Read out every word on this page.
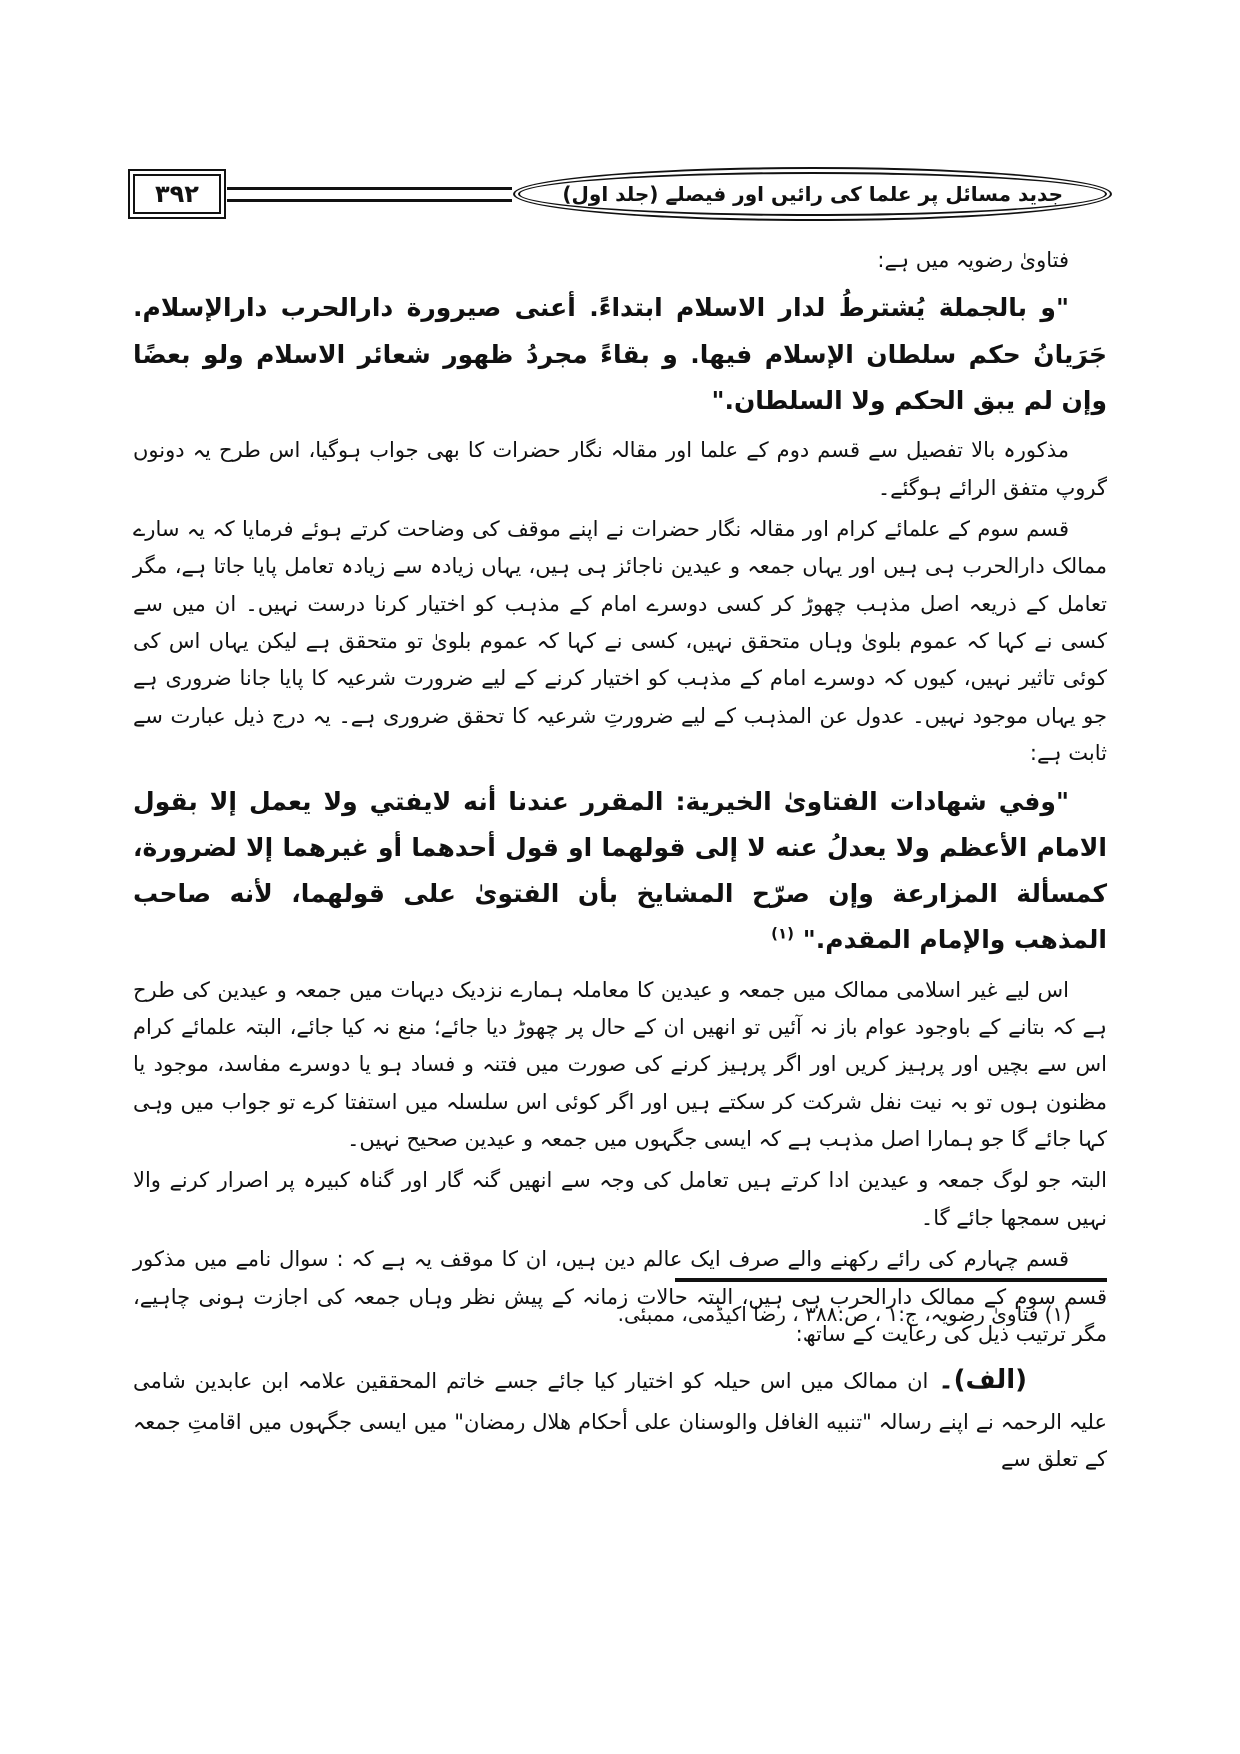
۳۹۲	جدید مسائل پر علما کی رائیں اور فیصلے (جلد اول)

فتاویٰ رضویہ میں ہے:

"و بالجملة يُشترطُ لدار الاسلام ابتداءً. أعنى صيرورة دارالحرب دارالإسلام. جَرَيانُ حكم سلطان الإسلام فيها. و بقاءً مجردُ ظهور شعائر الاسلام ولو بعضًا وإن لم يبق الحكم ولا السلطان."

مذکورہ بالا تفصیل سے قسم دوم کے علما اور مقالہ نگار حضرات کا بھی جواب ہوگیا، اس طرح یہ دونوں گروپ متفق الرائے ہوگئے۔

قسم سوم کے علمائے کرام اور مقالہ نگار حضرات نے اپنے موقف کی وضاحت کرتے ہوئے فرمایا کہ یہ سارے ممالک دارالحرب ہی ہیں اور یہاں جمعہ و عیدین ناجائز ہی ہیں، یہاں زیادہ سے زیادہ تعامل پایا جاتا ہے، مگر تعامل کے ذریعہ اصل مذہب چھوڑ کر کسی دوسرے امام کے مذہب کو اختیار کرنا درست نہیں۔ ان میں سے کسی نے کہا کہ عموم بلویٰ وہاں متحقق نہیں، کسی نے کہا کہ عموم بلویٰ تو متحقق ہے لیکن یہاں اس کی کوئی تاثیر نہیں، کیوں کہ دوسرے امام کے مذہب کو اختیار کرنے کے لیے ضرورت شرعیہ کا پایا جانا ضروری ہے جو یہاں موجود نہیں۔ عدول عن المذہب کے لیے ضرورتِ شرعیہ کا تحقق ضروری ہے۔ یہ درج ذیل عبارت سے ثابت ہے:

"وفي شهادات الفتاوىٰ الخيرية: المقرر عندنا أنه لايفتي ولا يعمل إلا بقول الامام الأعظم ولا يعدلُ عنه لا إلى قولهما او قول أحدهما أو غيرهما إلا لضرورة، كمسألة المزارعة وإن صرّح المشايخ بأن الفتوىٰ على قولهما، لأنه صاحب المذهب والإمام المقدم." $^{(١)}$

اس لیے غیر اسلامی ممالک میں جمعہ و عیدین کا معاملہ ہمارے نزدیک دیہات میں جمعہ و عیدین کی طرح ہے کہ بتانے کے باوجود عوام باز نہ آئیں تو انھیں ان کے حال پر چھوڑ دیا جائے؛ منع نہ کیا جائے، البتہ علمائے کرام اس سے بچیں اور پرہیز کریں اور اگر پرہیز کرنے کی صورت میں فتنہ و فساد ہو یا دوسرے مفاسد، موجود یا مظنون ہوں تو بہ نیت نفل شرکت کر سکتے ہیں اور اگر کوئی اس سلسلہ میں استفتا کرے تو جواب میں وہی کہا جائے گا جو ہمارا اصل مذہب ہے کہ ایسی جگہوں میں جمعہ و عیدین صحیح نہیں۔

البتہ جو لوگ جمعہ و عیدین ادا کرتے ہیں تعامل کی وجہ سے انھیں گنہ گار اور گناہ کبیرہ پر اصرار کرنے والا نہیں سمجھا جائے گا۔

قسم چہارم کی رائے رکھنے والے صرف ایک عالم دین ہیں، ان کا موقف یہ ہے کہ : سوال نامے میں مذکور قسم سوم کے ممالک دارالحرب ہی ہیں، البتہ حالات زمانہ کے پیش نظر وہاں جمعہ کی اجازت ہونی چاہیے، مگر ترتیب ذیل کی رعایت کے ساتھ:

(الف)۔ان ممالک میں اس حیلہ کو اختیار کیا جائے جسے خاتم المحققین علامہ ابن عابدین شامی علیہ الرحمہ نے اپنے رسالہ "تنبیه الغافل والوسنان علی أحکام هلال رمضان" میں ایسی جگہوں میں اقامتِ جمعہ کے تعلق سے

(۱) فتاویٰ رضویہ، ج:۱ ، ص:۳۸۸ ، رضا اکیڈمی، ممبئی.
